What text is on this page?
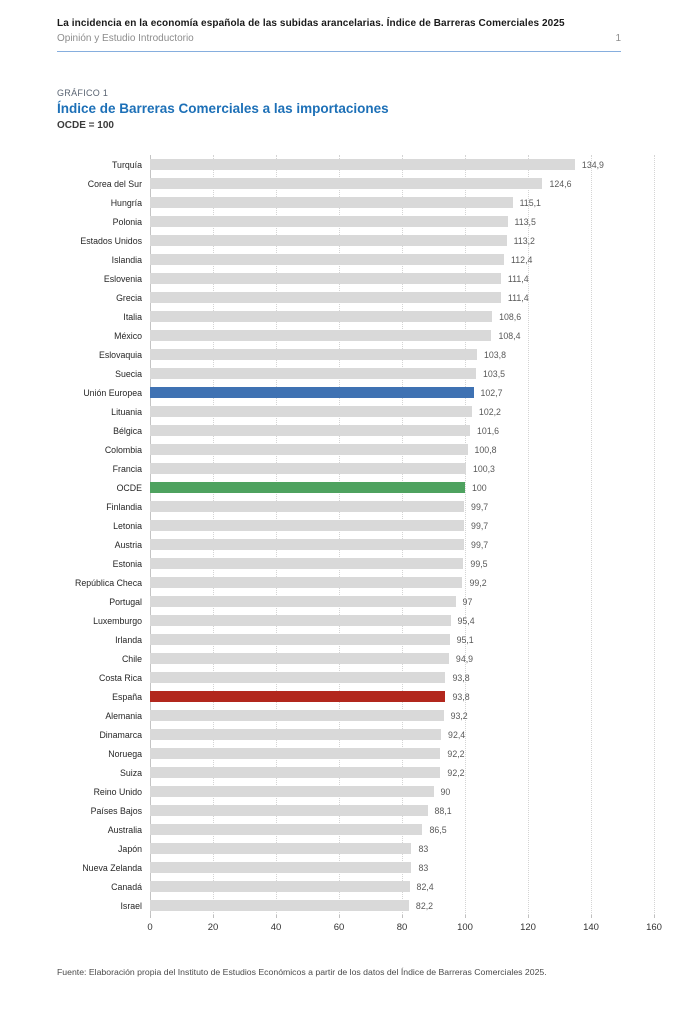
La incidencia en la economía española de las subidas arancelarias. Índice de Barreras Comerciales 2025
Opinión y Estudio Introductorio	1
GRÁFICO 1
Índice de Barreras Comerciales a las importaciones
OCDE = 100
Turquía	134,9
Corea del Sur	124,6
Hungría	115,1
Polonia	113,5
Estados Unidos	113,2
Islandia	112,4
Eslovenia	111,4
Grecia	111,4
Italia	108,6
México	108,4
Eslovaquia	103,8
Suecia	103,5
Unión Europea	102,7
Lituania	102,2
Bélgica	101,6
Colombia	100,8
Francia	100,3
OCDE	100
Finlandia	99,7
Letonia	99,7
Austria	99,7
Estonia	99,5
República Checa	99,2
Portugal	97
Luxemburgo	95,4
Irlanda	95,1
Chile	94,9
Costa Rica	93,8
España	93,8
Alemania	93,2
Dinamarca	92,4
Noruega	92,2
Suiza	92,2
Reino Unido	90
Países Bajos	88,1
Australia	86,5
Japón	83
Nueva Zelanda	83
Canadá	82,4
Israel	82,2
0	20	40	60	80	100	120	140	160
Fuente: Elaboración propia del Instituto de Estudios Económicos a partir de los datos del Índice de Barreras Comerciales 2025.
